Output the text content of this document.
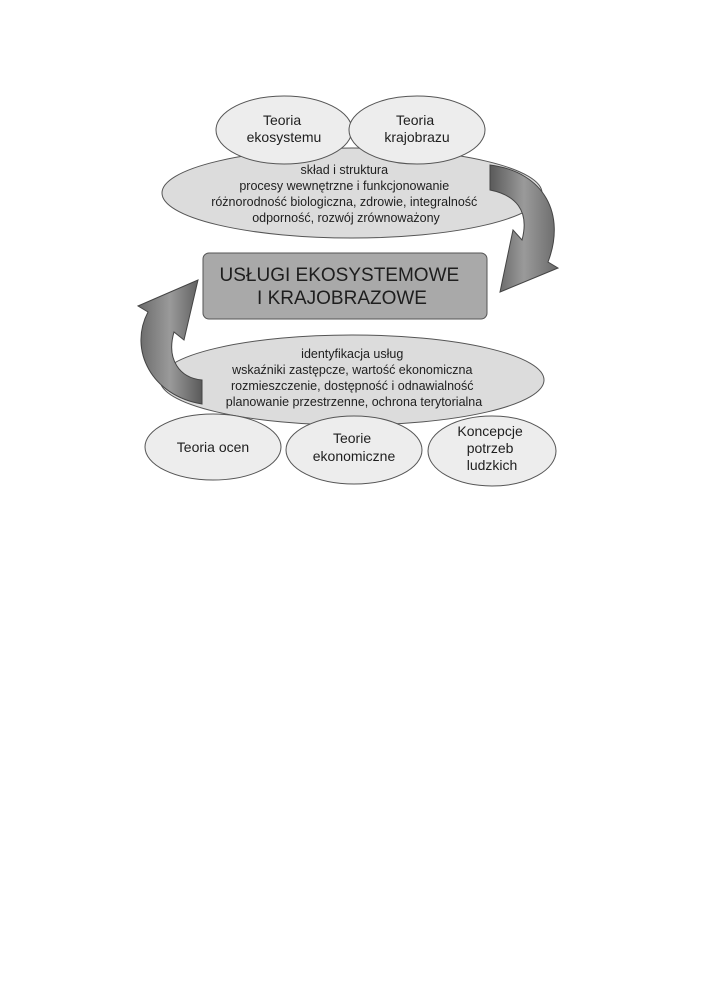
Teoria ekosystemu
Teoria krajobrazu
skład i struktura procesy wewnętrzne i funkcjonowanie różnorodność biologiczna, zdrowie, integralność odporność, rozwój zrównoważony
USŁUGI EKOSYSTEMOWE I KRAJOBRAZOWE
identyfikacja usług wskaźniki zastępcze, wartość ekonomiczna rozmieszczenie, dostępność i odnawialność planowanie przestrzenne, ochrona terytorialna
Teoria ocen
Teorie ekonomiczne
Koncepcje potrzeb ludzkich
